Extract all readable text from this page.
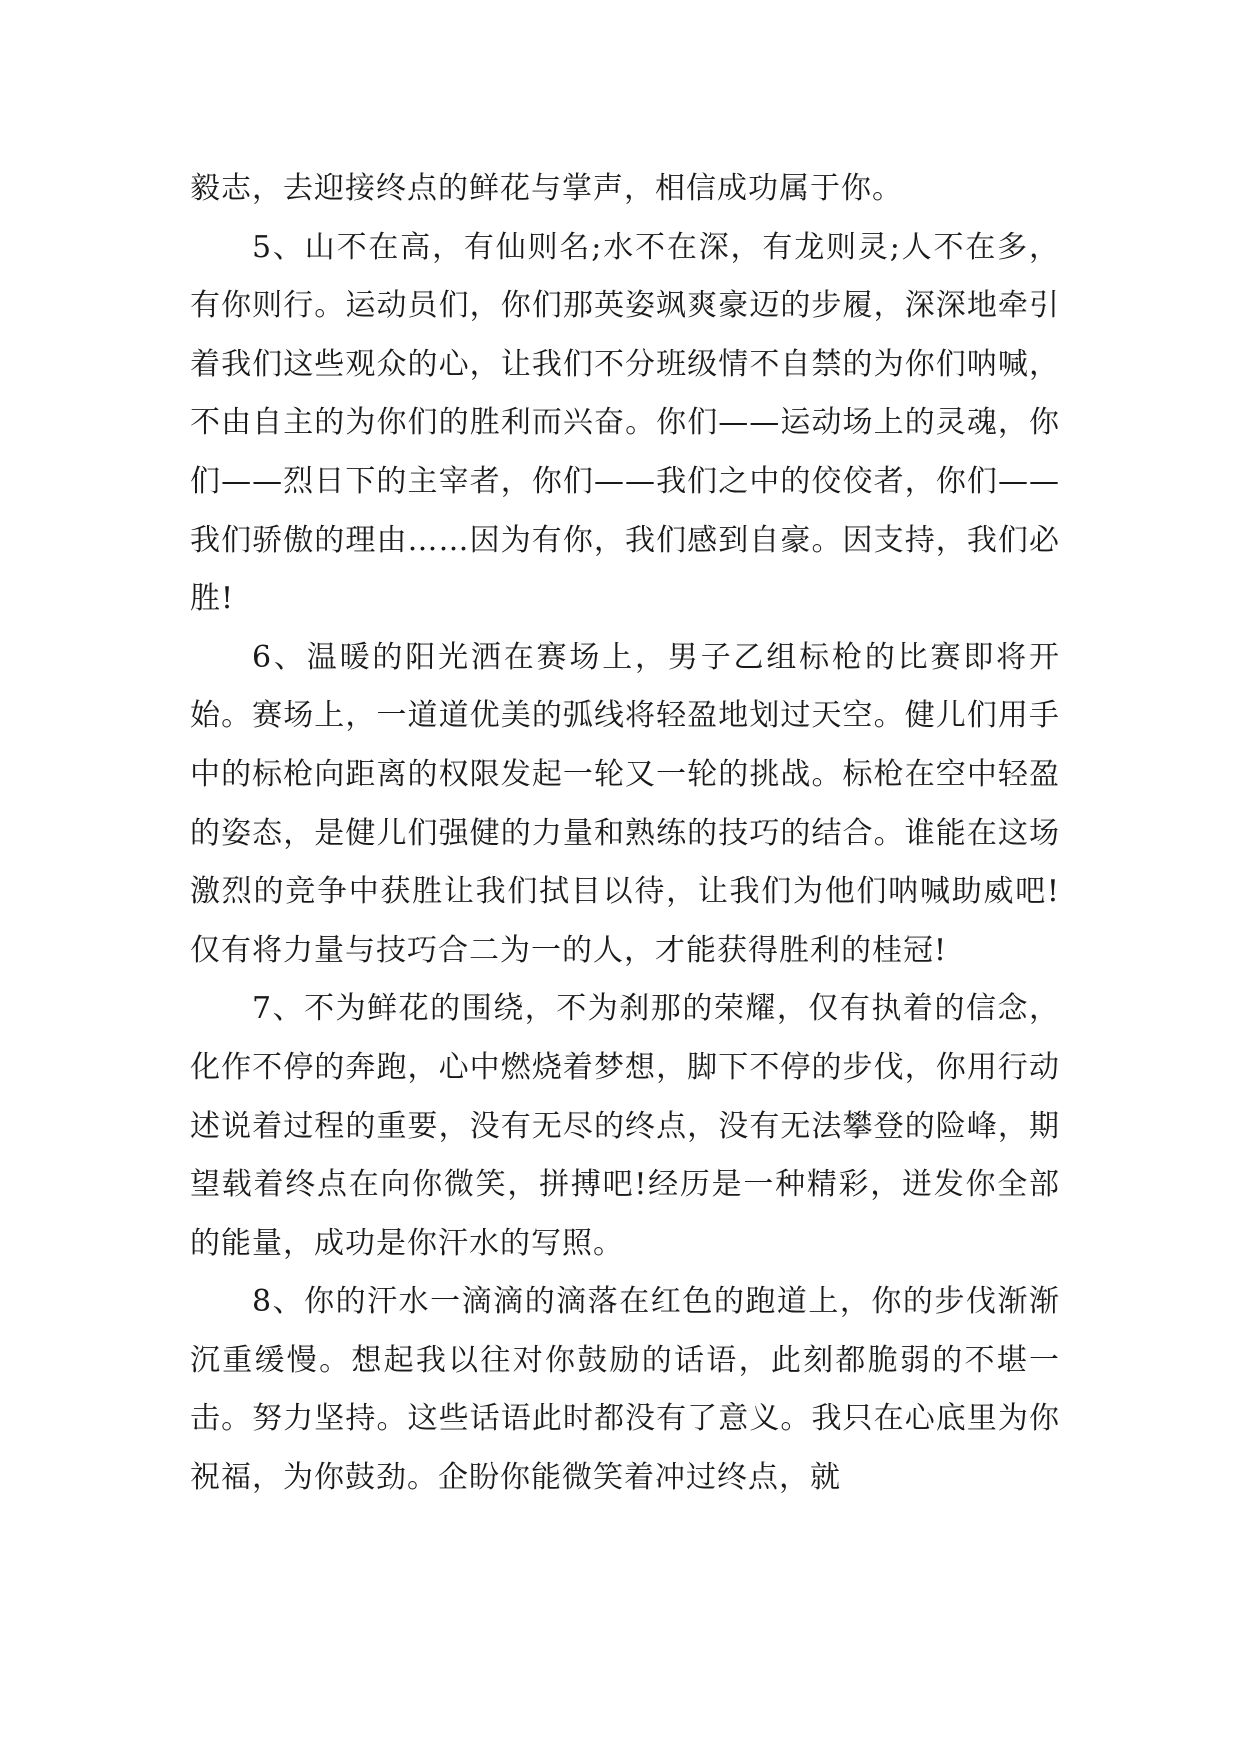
毅志，去迎接终点的鲜花与掌声，相信成功属于你。

5、山不在高，有仙则名;水不在深，有龙则灵;人不在多，有你则行。运动员们，你们那英姿飒爽豪迈的步履，深深地牵引着我们这些观众的心，让我们不分班级情不自禁的为你们呐喊，不由自主的为你们的胜利而兴奋。你们——运动场上的灵魂，你们——烈日下的主宰者，你们——我们之中的佼佼者，你们——我们骄傲的理由……因为有你，我们感到自豪。因支持，我们必胜!

6、温暖的阳光洒在赛场上，男子乙组标枪的比赛即将开始。赛场上，一道道优美的弧线将轻盈地划过天空。健儿们用手中的标枪向距离的权限发起一轮又一轮的挑战。标枪在空中轻盈的姿态，是健儿们强健的力量和熟练的技巧的结合。谁能在这场激烈的竞争中获胜让我们拭目以待，让我们为他们呐喊助威吧!仅有将力量与技巧合二为一的人，才能获得胜利的桂冠!

7、不为鲜花的围绕，不为刹那的荣耀，仅有执着的信念，化作不停的奔跑，心中燃烧着梦想，脚下不停的步伐，你用行动述说着过程的重要，没有无尽的终点，没有无法攀登的险峰，期望载着终点在向你微笑，拼搏吧!经历是一种精彩，迸发你全部的能量，成功是你汗水的写照。

8、你的汗水一滴滴的滴落在红色的跑道上，你的步伐渐渐沉重缓慢。想起我以往对你鼓励的话语，此刻都脆弱的不堪一击。努力坚持。这些话语此时都没有了意义。我只在心底里为你祝福，为你鼓劲。企盼你能微笑着冲过终点，就
